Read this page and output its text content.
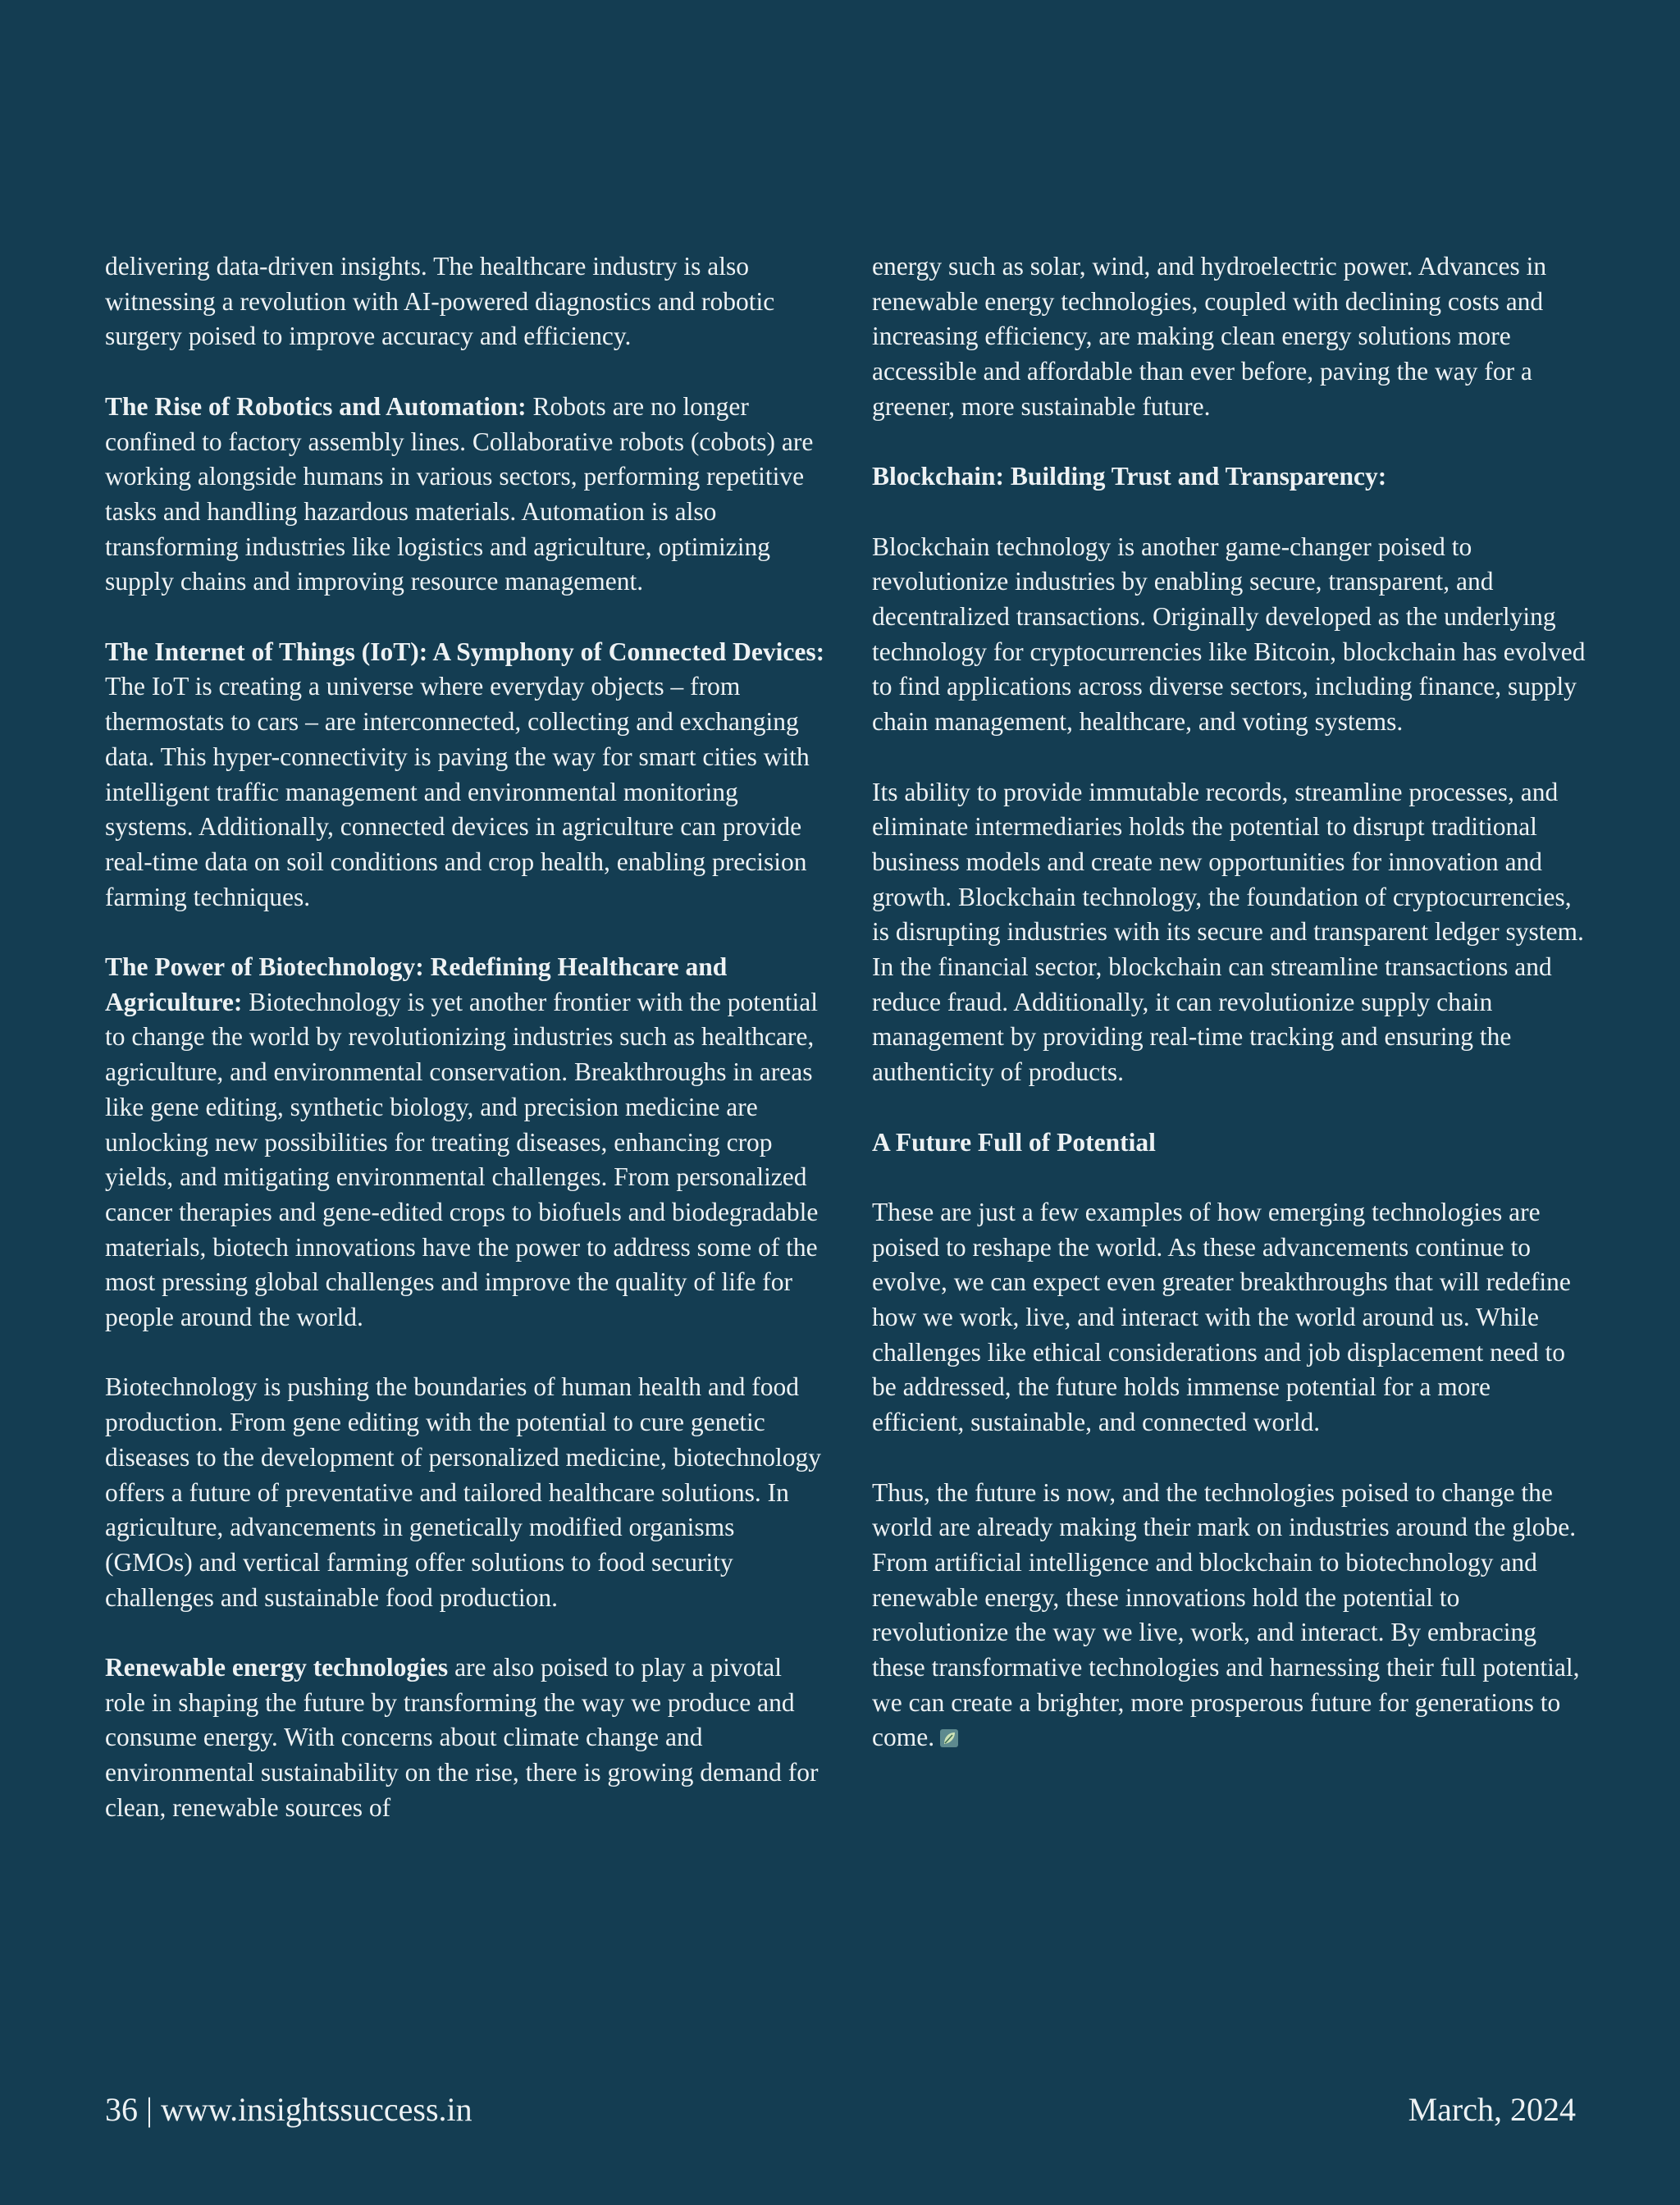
delivering data-driven insights. The healthcare industry is also witnessing a revolution with AI-powered diagnostics and robotic surgery poised to improve accuracy and efficiency.

The Rise of Robotics and Automation: Robots are no longer confined to factory assembly lines. Collaborative robots (cobots) are working alongside humans in various sectors, performing repetitive tasks and handling hazardous materials. Automation is also transforming industries like logistics and agriculture, optimizing supply chains and improving resource management.

The Internet of Things (IoT): A Symphony of Connected Devices: The IoT is creating a universe where everyday objects – from thermostats to cars – are interconnected, collecting and exchanging data. This hyper-connectivity is paving the way for smart cities with intelligent traffic management and environmental monitoring systems. Additionally, connected devices in agriculture can provide real-time data on soil conditions and crop health, enabling precision farming techniques.

The Power of Biotechnology: Redefining Healthcare and Agriculture: Biotechnology is yet another frontier with the potential to change the world by revolutionizing industries such as healthcare, agriculture, and environmental conservation. Breakthroughs in areas like gene editing, synthetic biology, and precision medicine are unlocking new possibilities for treating diseases, enhancing crop yields, and mitigating environmental challenges. From personalized cancer therapies and gene-edited crops to biofuels and biodegradable materials, biotech innovations have the power to address some of the most pressing global challenges and improve the quality of life for people around the world.

Biotechnology is pushing the boundaries of human health and food production. From gene editing with the potential to cure genetic diseases to the development of personalized medicine, biotechnology offers a future of preventative and tailored healthcare solutions. In agriculture, advancements in genetically modified organisms (GMOs) and vertical farming offer solutions to food security challenges and sustainable food production.

Renewable energy technologies are also poised to play a pivotal role in shaping the future by transforming the way we produce and consume energy. With concerns about climate change and environmental sustainability on the rise, there is growing demand for clean, renewable sources of

energy such as solar, wind, and hydroelectric power. Advances in renewable energy technologies, coupled with declining costs and increasing efficiency, are making clean energy solutions more accessible and affordable than ever before, paving the way for a greener, more sustainable future.

Blockchain: Building Trust and Transparency:

Blockchain technology is another game-changer poised to revolutionize industries by enabling secure, transparent, and decentralized transactions. Originally developed as the underlying technology for cryptocurrencies like Bitcoin, blockchain has evolved to find applications across diverse sectors, including finance, supply chain management, healthcare, and voting systems.

Its ability to provide immutable records, streamline processes, and eliminate intermediaries holds the potential to disrupt traditional business models and create new opportunities for innovation and growth. Blockchain technology, the foundation of cryptocurrencies, is disrupting industries with its secure and transparent ledger system. In the financial sector, blockchain can streamline transactions and reduce fraud. Additionally, it can revolutionize supply chain management by providing real-time tracking and ensuring the authenticity of products.

A Future Full of Potential

These are just a few examples of how emerging technologies are poised to reshape the world. As these advancements continue to evolve, we can expect even greater breakthroughs that will redefine how we work, live, and interact with the world around us. While challenges like ethical considerations and job displacement need to be addressed, the future holds immense potential for a more efficient, sustainable, and connected world.

Thus, the future is now, and the technologies poised to change the world are already making their mark on industries around the globe. From artificial intelligence and blockchain to biotechnology and renewable energy, these innovations hold the potential to revolutionize the way we live, work, and interact. By embracing these transformative technologies and harnessing their full potential, we can create a brighter, more prosperous future for generations to come.

36 | www.insightssuccess.in	March, 2024
